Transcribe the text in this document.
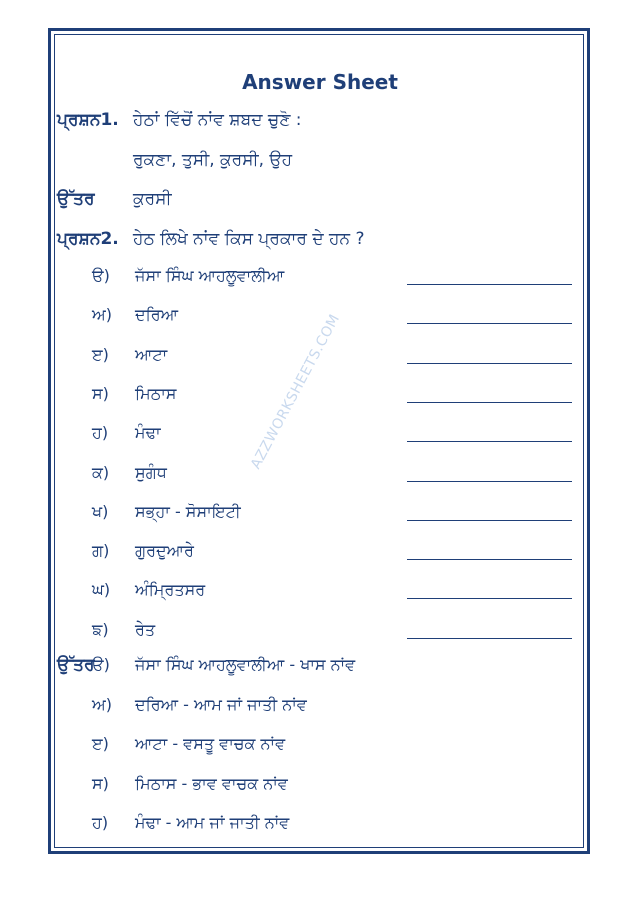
Answer Sheet
AZZWORKSHEETS.COM
ਪ੍ਰਸ਼ਨ1. ਹੇਠਾਂ ਵਿੱਚੋਂ ਨਾਂਵ ਸ਼ਬਦ ਚੁਣੋ :
ਰੁਕਣਾ, ਤੁਸੀ, ਕੁਰਸੀ, ਉਹ
ਉੱਤਰ ਕੁਰਸੀ
ਪ੍ਰਸ਼ਨ2. ਹੇਠ ਲਿਖੇ ਨਾਂਵ ਕਿਸ ਪ੍ਰਕਾਰ ਦੇ ਹਨ ?
ੳ) ਜੱਸਾ ਸਿੰਘ ਆਹਲੂਵਾਲੀਆ
ਅ) ਦਰਿਆ
ੲ) ਆਟਾ
ਸ) ਮਿਠਾਸ
ਹ) ਮੰਢਾ
ਕ) ਸੁਗੰਧ
ਖ) ਸਭ੍ਹਾ - ਸੋਸਾਇਟੀ
ਗ) ਗੁਰਦੁਆਰੇ
ਘ) ਅੰਮ੍ਰਿਤਸਰ
ਙ) ਰੇਤ
ਉੱਤਰ
ੳ) ਜੱਸਾ ਸਿੰਘ ਆਹਲੂਵਾਲੀਆ - ਖਾਸ ਨਾਂਵ
ਅ) ਦਰਿਆ - ਆਮ ਜਾਂ ਜਾਤੀ ਨਾਂਵ
ੲ) ਆਟਾ - ਵਸਤੂ ਵਾਚਕ ਨਾਂਵ
ਸ) ਮਿਠਾਸ - ਭਾਵ ਵਾਚਕ ਨਾਂਵ
ਹ) ਮੰਢਾ - ਆਮ ਜਾਂ ਜਾਤੀ ਨਾਂਵ
